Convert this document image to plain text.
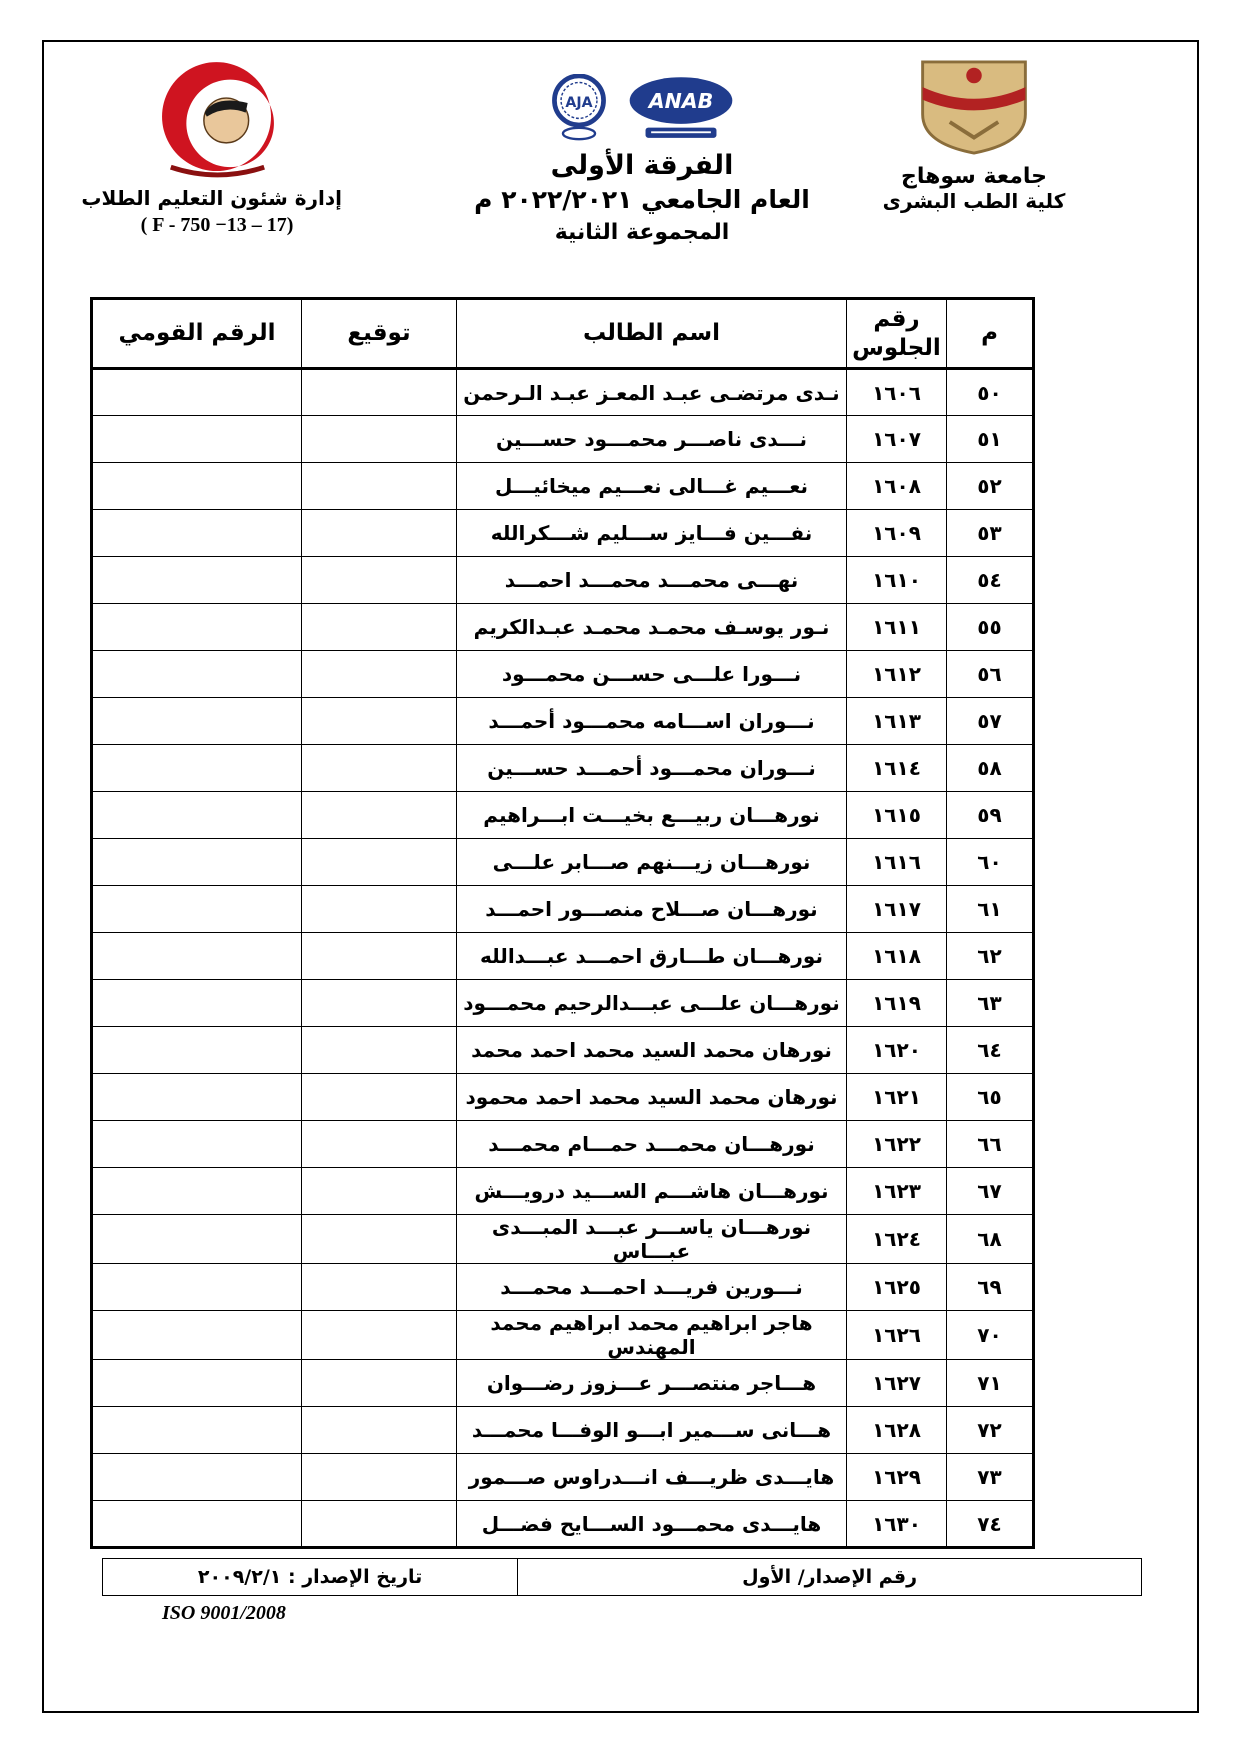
إدارة شئون التعليم الطلاب
( F - 750 −13 – 17)
ANAB
AJA
الفرقة الأولى
العام الجامعي ٢٠٢٢/٢٠٢١ م
المجموعة الثانية
جامعة سوهاج
كلية الطب البشرى
م	رقم الجلوس	اسم الطالب	توقيع	الرقم القومي
٥٠	١٦٠٦	نـدى مرتضـى عبـد المعـز عبـد الـرحمن		
٥١	١٦٠٧	نـــدى ناصـــر محمـــود حســـين		
٥٢	١٦٠٨	نعـــيم غـــالى نعـــيم ميخائيـــل		
٥٣	١٦٠٩	نفـــين فـــايز ســـليم شـــكرالله		
٥٤	١٦١٠	نهـــى محمـــد محمـــد احمـــد		
٥٥	١٦١١	نـور يوسـف محمـد محمـد عبـدالكريم		
٥٦	١٦١٢	نـــورا علـــى حســـن محمـــود		
٥٧	١٦١٣	نـــوران اســـامه محمـــود أحمـــد		
٥٨	١٦١٤	نـــوران محمـــود أحمـــد حســـين		
٥٩	١٦١٥	نورهـــان ربيـــع بخيـــت ابـــراهيم		
٦٠	١٦١٦	نورهـــان زيـــنهم صـــابر علـــى		
٦١	١٦١٧	نورهـــان صـــلاح منصـــور احمـــد		
٦٢	١٦١٨	نورهـــان طـــارق احمـــد عبـــدالله		
٦٣	١٦١٩	نورهـــان علـــى عبـــدالرحيم محمـــود		
٦٤	١٦٢٠	نورهان محمد السيد محمد احمد محمد		
٦٥	١٦٢١	نورهان محمد السيد محمد احمد محمود		
٦٦	١٦٢٢	نورهـــان محمـــد حمـــام محمـــد		
٦٧	١٦٢٣	نورهـــان هاشـــم الســـيد درويـــش		
٦٨	١٦٢٤	نورهـــان ياســـر عبـــد المبـــدى عبـــاس		
٦٩	١٦٢٥	نـــورين فريـــد احمـــد محمـــد		
٧٠	١٦٢٦	هاجر ابراهيم محمد ابراهيم محمد المهندس		
٧١	١٦٢٧	هـــاجر منتصـــر عـــزوز رضـــوان		
٧٢	١٦٢٨	هـــانى ســـمير ابـــو الوفـــا محمـــد		
٧٣	١٦٢٩	هايـــدى ظريـــف انـــدراوس صـــمور		
٧٤	١٦٣٠	هايـــدى محمـــود الســـايح فضـــل		
رقم الإصدار/ الأول
تاريخ الإصدار : ٢٠٠٩/٢/١
ISO 9001/2008
